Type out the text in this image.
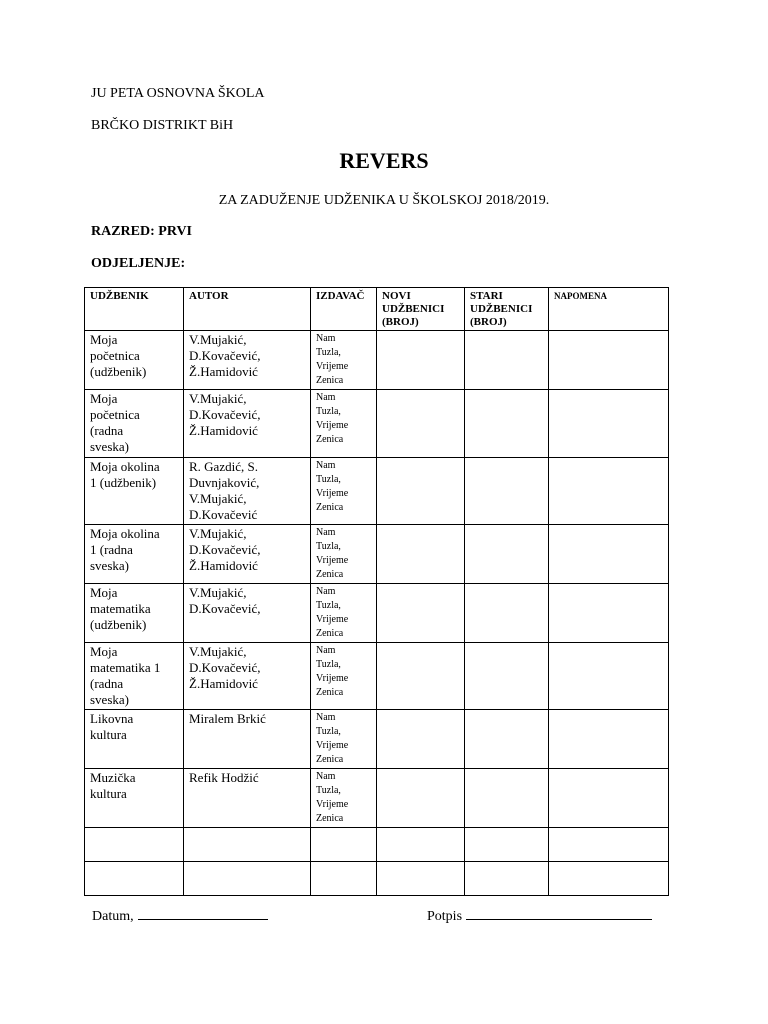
JU PETA OSNOVNA ŠKOLA
BRČKO DISTRIKT BiH
REVERS
ZA ZADUŽENJE UDŽENIKA U ŠKOLSKOJ 2018/2019.
RAZRED: PRVI
ODJELJENJE:
UDŽBENIK	AUTOR	IZDAVAČ	NOVI UDŽBENICI (BROJ)	STARI UDŽBENICI (BROJ)	NAPOMENA

Moja
početnica
(udžbenik)	V.Mujakić,
D.Kovačević,
Ž.Hamidović	Nam
Tuzla,
Vrijeme
Zenica			

Moja
početnica
(radna
sveska)	V.Mujakić,
D.Kovačević,
Ž.Hamidović	Nam
Tuzla,
Vrijeme
Zenica			

Moja okolina
1 (udžbenik)	R. Gazdić, S.
Duvnjaković,
V.Mujakić,
D.Kovačević	Nam
Tuzla,
Vrijeme
Zenica			

Moja okolina
1 (radna
sveska)	V.Mujakić,
D.Kovačević,
Ž.Hamidović	Nam
Tuzla,
Vrijeme
Zenica			

Moja
matematika
(udžbenik)	V.Mujakić,
D.Kovačević,	Nam
Tuzla,
Vrijeme
Zenica			

Moja
matematika 1
(radna
sveska)	V.Mujakić,
D.Kovačević,
Ž.Hamidović	Nam
Tuzla,
Vrijeme
Zenica			

Likovna
kultura	Miralem Brkić	Nam
Tuzla,
Vrijeme
Zenica			

Muzička
kultura	Refik Hodžić	Nam
Tuzla,
Vrijeme
Zenica			

Datum,	Potpis
